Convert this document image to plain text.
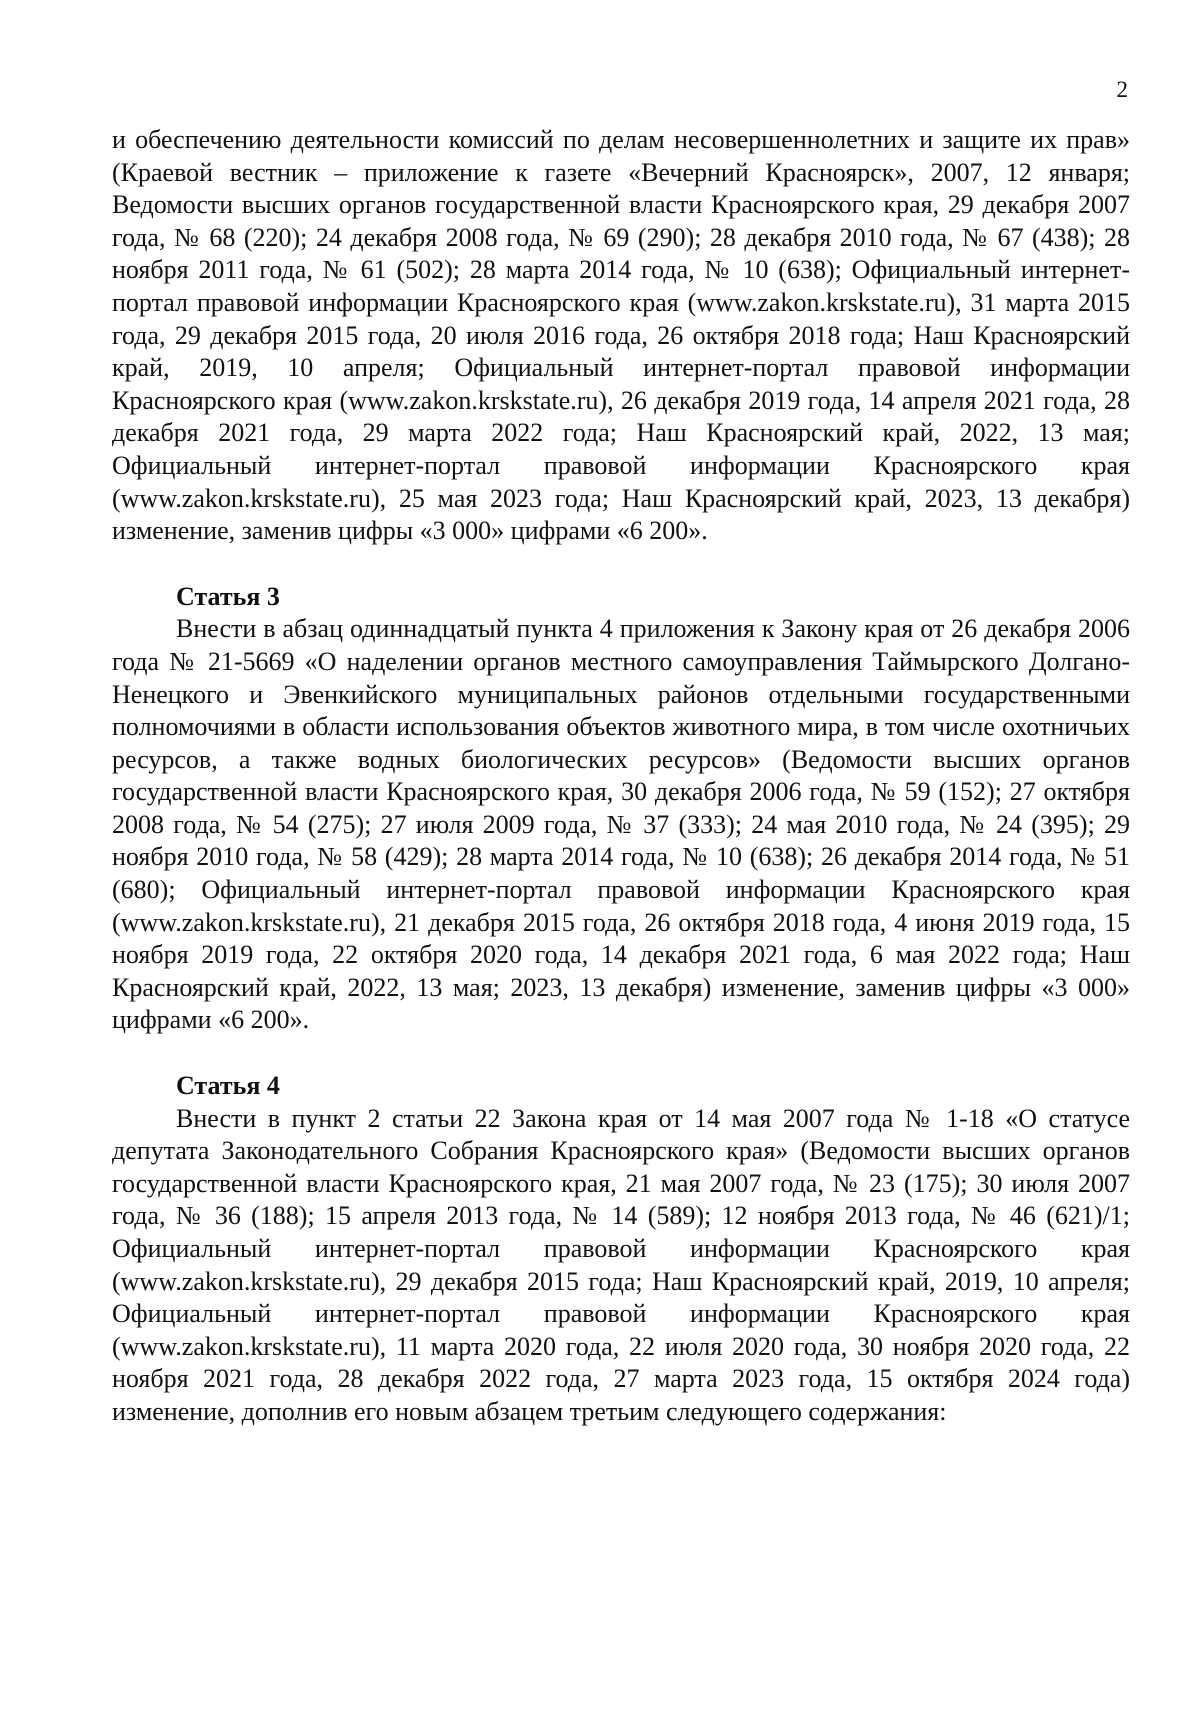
2

и обеспечению деятельности комиссий по делам несовершеннолетних и защите их прав» (Краевой вестник – приложение к газете «Вечерний Красноярск», 2007, 12 января; Ведомости высших органов государственной власти Красноярского края, 29 декабря 2007 года, № 68 (220); 24 декабря 2008 года, № 69 (290); 28 декабря 2010 года, № 67 (438); 28 ноября 2011 года, № 61 (502); 28 марта 2014 года, № 10 (638); Официальный интернет-портал правовой информации Красноярского края (www.zakon.krskstate.ru), 31 марта 2015 года, 29 декабря 2015 года, 20 июля 2016 года, 26 октября 2018 года; Наш Красноярский край, 2019, 10 апреля; Официальный интернет-портал правовой информации Красноярского края (www.zakon.krskstate.ru), 26 декабря 2019 года, 14 апреля 2021 года, 28 декабря 2021 года, 29 марта 2022 года; Наш Красноярский край, 2022, 13 мая; Официальный интернет-портал правовой информации Красноярского края (www.zakon.krskstate.ru), 25 мая 2023 года; Наш Красноярский край, 2023, 13 декабря) изменение, заменив цифры «3 000» цифрами «6 200».

Статья 3

Внести в абзац одиннадцатый пункта 4 приложения к Закону края от 26 декабря 2006 года № 21-5669 «О наделении органов местного самоуправления Таймырского Долгано-Ненецкого и Эвенкийского муниципальных районов отдельными государственными полномочиями в области использования объектов животного мира, в том числе охотничьих ресурсов, а также водных биологических ресурсов» (Ведомости высших органов государственной власти Красноярского края, 30 декабря 2006 года, № 59 (152); 27 октября 2008 года, № 54 (275); 27 июля 2009 года, № 37 (333); 24 мая 2010 года, № 24 (395); 29 ноября 2010 года, № 58 (429); 28 марта 2014 года, № 10 (638); 26 декабря 2014 года, № 51 (680); Официальный интернет-портал правовой информации Красноярского края (www.zakon.krskstate.ru), 21 декабря 2015 года, 26 октября 2018 года, 4 июня 2019 года, 15 ноября 2019 года, 22 октября 2020 года, 14 декабря 2021 года, 6 мая 2022 года; Наш Красноярский край, 2022, 13 мая; 2023, 13 декабря) изменение, заменив цифры «3 000» цифрами «6 200».

Статья 4

Внести в пункт 2 статьи 22 Закона края от 14 мая 2007 года № 1-18 «О статусе депутата Законодательного Собрания Красноярского края» (Ведомости высших органов государственной власти Красноярского края, 21 мая 2007 года, № 23 (175); 30 июля 2007 года, № 36 (188); 15 апреля 2013 года, № 14 (589); 12 ноября 2013 года, № 46 (621)/1; Официальный интернет-портал правовой информации Красноярского края (www.zakon.krskstate.ru), 29 декабря 2015 года; Наш Красноярский край, 2019, 10 апреля; Официальный интернет-портал правовой информации Красноярского края (www.zakon.krskstate.ru), 11 марта 2020 года, 22 июля 2020 года, 30 ноября 2020 года, 22 ноября 2021 года, 28 декабря 2022 года, 27 марта 2023 года, 15 октября 2024 года) изменение, дополнив его новым абзацем третьим следующего содержания:
